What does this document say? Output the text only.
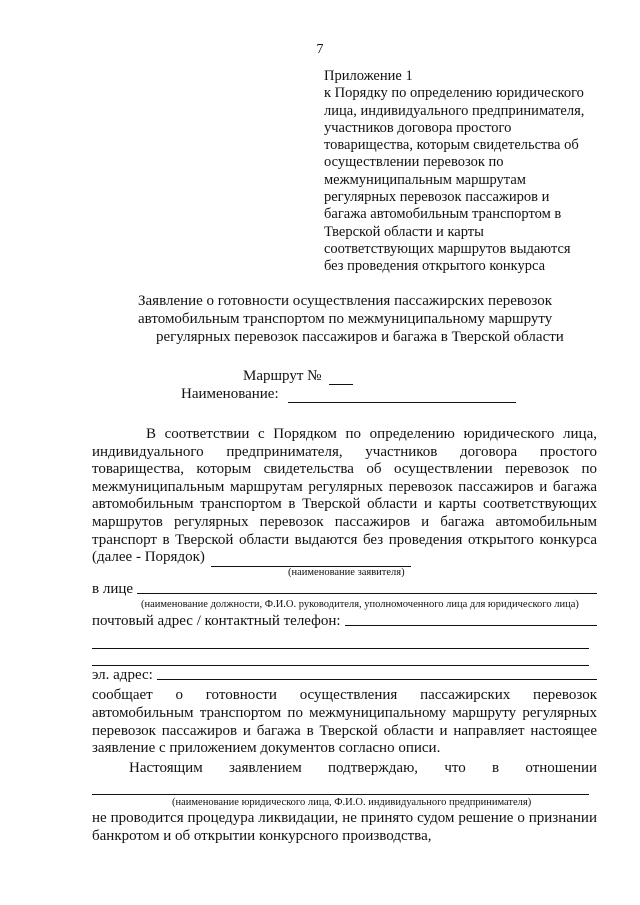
7
Приложение 1
к Порядку по определению юридического
лица, индивидуального предпринимателя,
участников договора простого
товарищества, которым свидетельства об
осуществлении перевозок по
межмуниципальным маршрутам
регулярных перевозок пассажиров и
багажа автомобильным транспортом в
Тверской области и карты
соответствующих маршрутов выдаются
без проведения открытого конкурса
Заявление о готовности осуществления пассажирских перевозок
автомобильным транспортом по межмуниципальному маршруту
регулярных перевозок пассажиров и багажа в Тверской области
Маршрут №
Наименование:
В соответствии с Порядком по определению юридического лица, индивидуального предпринимателя, участников договора простого товарищества, которым свидетельства об осуществлении перевозок по межмуниципальным маршрутам регулярных перевозок пассажиров и багажа автомобильным транспортом в Тверской области и карты соответствующих маршрутов регулярных перевозок пассажиров и багажа автомобильным транспорт в Тверской области выдаются без проведения открытого конкурса (далее - Порядок)
(наименование заявителя)
в лице
(наименование должности, Ф.И.О. руководителя, уполномоченного лица для юридического лица)
почтовый адрес / контактный телефон:
эл. адрес:
сообщает о готовности осуществления пассажирских перевозок автомобильным транспортом по межмуниципальному маршруту регулярных перевозок пассажиров и багажа в Тверской области и направляет настоящее заявление с приложением документов согласно описи.
Настоящим заявлением подтверждаю, что в отношении
(наименование юридического лица, Ф.И.О. индивидуального предпринимателя)
не проводится процедура ликвидации, не принято судом решение о признании банкротом и об открытии конкурсного производства,
